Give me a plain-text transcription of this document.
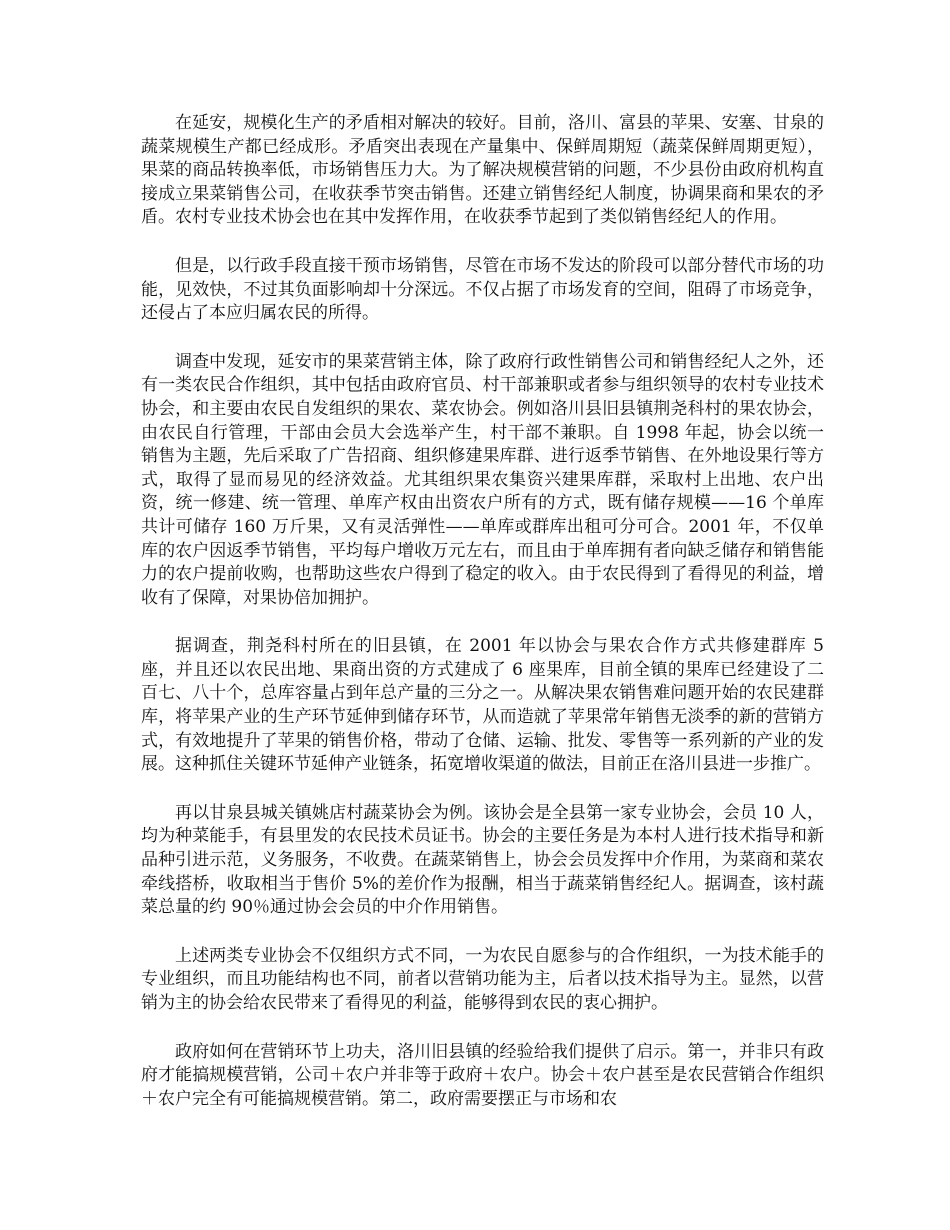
在延安，规模化生产的矛盾相对解决的较好。目前，洛川、富县的苹果、安塞、甘泉的蔬菜规模生产都已经成形。矛盾突出表现在产量集中、保鲜周期短（蔬菜保鲜周期更短），果菜的商品转换率低，市场销售压力大。为了解决规模营销的问题，不少县份由政府机构直接成立果菜销售公司，在收获季节突击销售。还建立销售经纪人制度，协调果商和果农的矛盾。农村专业技术协会也在其中发挥作用，在收获季节起到了类似销售经纪人的作用。

但是，以行政手段直接干预市场销售，尽管在市场不发达的阶段可以部分替代市场的功能，见效快，不过其负面影响却十分深远。不仅占据了市场发育的空间，阻碍了市场竞争，还侵占了本应归属农民的所得。

调查中发现，延安市的果菜营销主体，除了政府行政性销售公司和销售经纪人之外，还有一类农民合作组织，其中包括由政府官员、村干部兼职或者参与组织领导的农村专业技术协会，和主要由农民自发组织的果农、菜农协会。例如洛川县旧县镇荆尧科村的果农协会，由农民自行管理，干部由会员大会选举产生，村干部不兼职。自 1998 年起，协会以统一销售为主题，先后采取了广告招商、组织修建果库群、进行返季节销售、在外地设果行等方式，取得了显而易见的经济效益。尤其组织果农集资兴建果库群，采取村上出地、农户出资，统一修建、统一管理、单库产权由出资农户所有的方式，既有储存规模——16 个单库共计可储存 160 万斤果，又有灵活弹性——单库或群库出租可分可合。2001 年，不仅单库的农户因返季节销售，平均每户增收万元左右，而且由于单库拥有者向缺乏储存和销售能力的农户提前收购，也帮助这些农户得到了稳定的收入。由于农民得到了看得见的利益，增收有了保障，对果协倍加拥护。

据调查，荆尧科村所在的旧县镇，在 2001 年以协会与果农合作方式共修建群库 5 座，并且还以农民出地、果商出资的方式建成了 6 座果库，目前全镇的果库已经建设了二百七、八十个，总库容量占到年总产量的三分之一。从解决果农销售难问题开始的农民建群库，将苹果产业的生产环节延伸到储存环节，从而造就了苹果常年销售无淡季的新的营销方式，有效地提升了苹果的销售价格，带动了仓储、运输、批发、零售等一系列新的产业的发展。这种抓住关键环节延伸产业链条，拓宽增收渠道的做法，目前正在洛川县进一步推广。

再以甘泉县城关镇姚店村蔬菜协会为例。该协会是全县第一家专业协会，会员 10 人，均为种菜能手，有县里发的农民技术员证书。协会的主要任务是为本村人进行技术指导和新品种引进示范，义务服务，不收费。在蔬菜销售上，协会会员发挥中介作用，为菜商和菜农牵线搭桥，收取相当于售价 5%的差价作为报酬，相当于蔬菜销售经纪人。据调查，该村蔬菜总量的约 90％通过协会会员的中介作用销售。

上述两类专业协会不仅组织方式不同，一为农民自愿参与的合作组织，一为技术能手的专业组织，而且功能结构也不同，前者以营销功能为主，后者以技术指导为主。显然，以营销为主的协会给农民带来了看得见的利益，能够得到农民的衷心拥护。

政府如何在营销环节上功夫，洛川旧县镇的经验给我们提供了启示。第一，并非只有政府才能搞规模营销，公司＋农户并非等于政府＋农户。协会＋农户甚至是农民营销合作组织＋农户完全有可能搞规模营销。第二，政府需要摆正与市场和农
